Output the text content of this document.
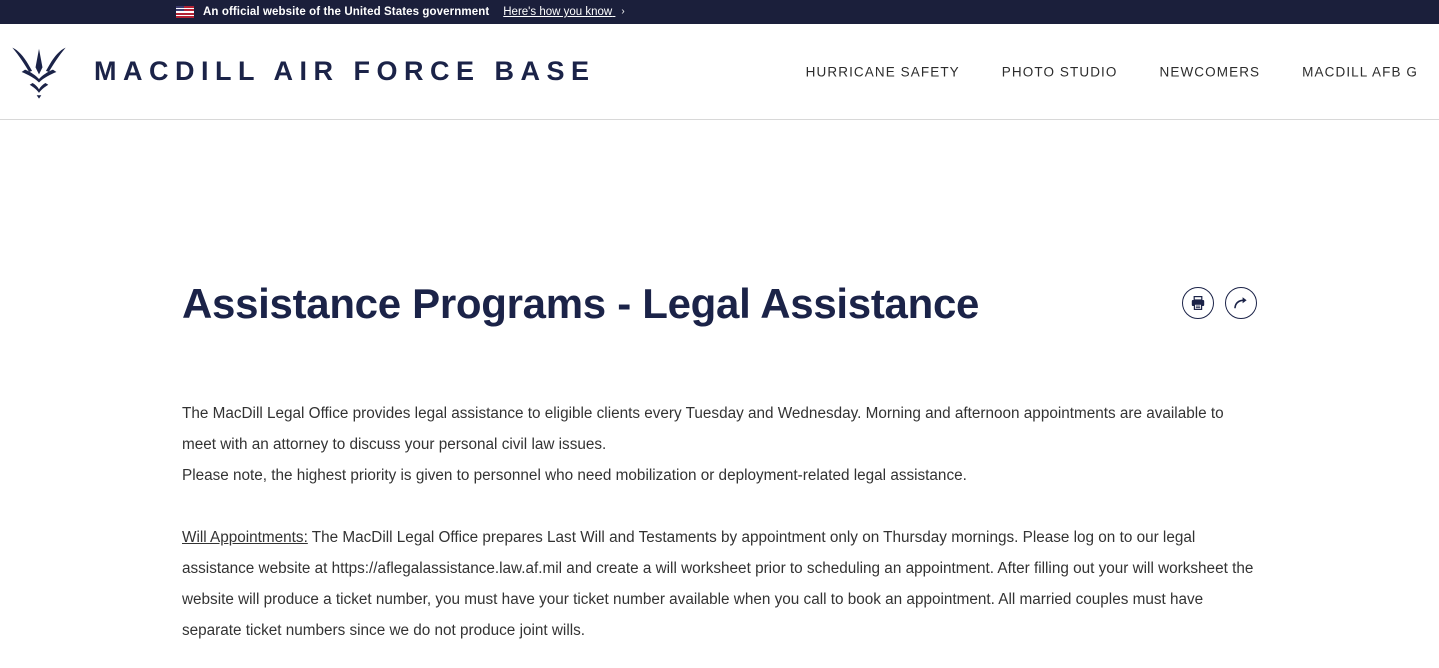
An official website of the United States government Here's how you know ›
MACDILL AIR FORCE BASE	HURRICANE SAFETY	PHOTO STUDIO	NEWCOMERS	MACDILL AFB G
Assistance Programs - Legal Assistance

The MacDill Legal Office provides legal assistance to eligible clients every Tuesday and Wednesday. Morning and afternoon appointments are available to meet with an attorney to discuss your personal civil law issues.

Please note, the highest priority is given to personnel who need mobilization or deployment-related legal assistance.

Will Appointments: The MacDill Legal Office prepares Last Will and Testaments by appointment only on Thursday mornings. Please log on to our legal assistance website at https://aflegalassistance.law.af.mil and create a will worksheet prior to scheduling an appointment. After filling out your will worksheet the website will produce a ticket number, you must have your ticket number available when you call to book an appointment. All married couples must have separate ticket numbers since we do not produce joint wills.
